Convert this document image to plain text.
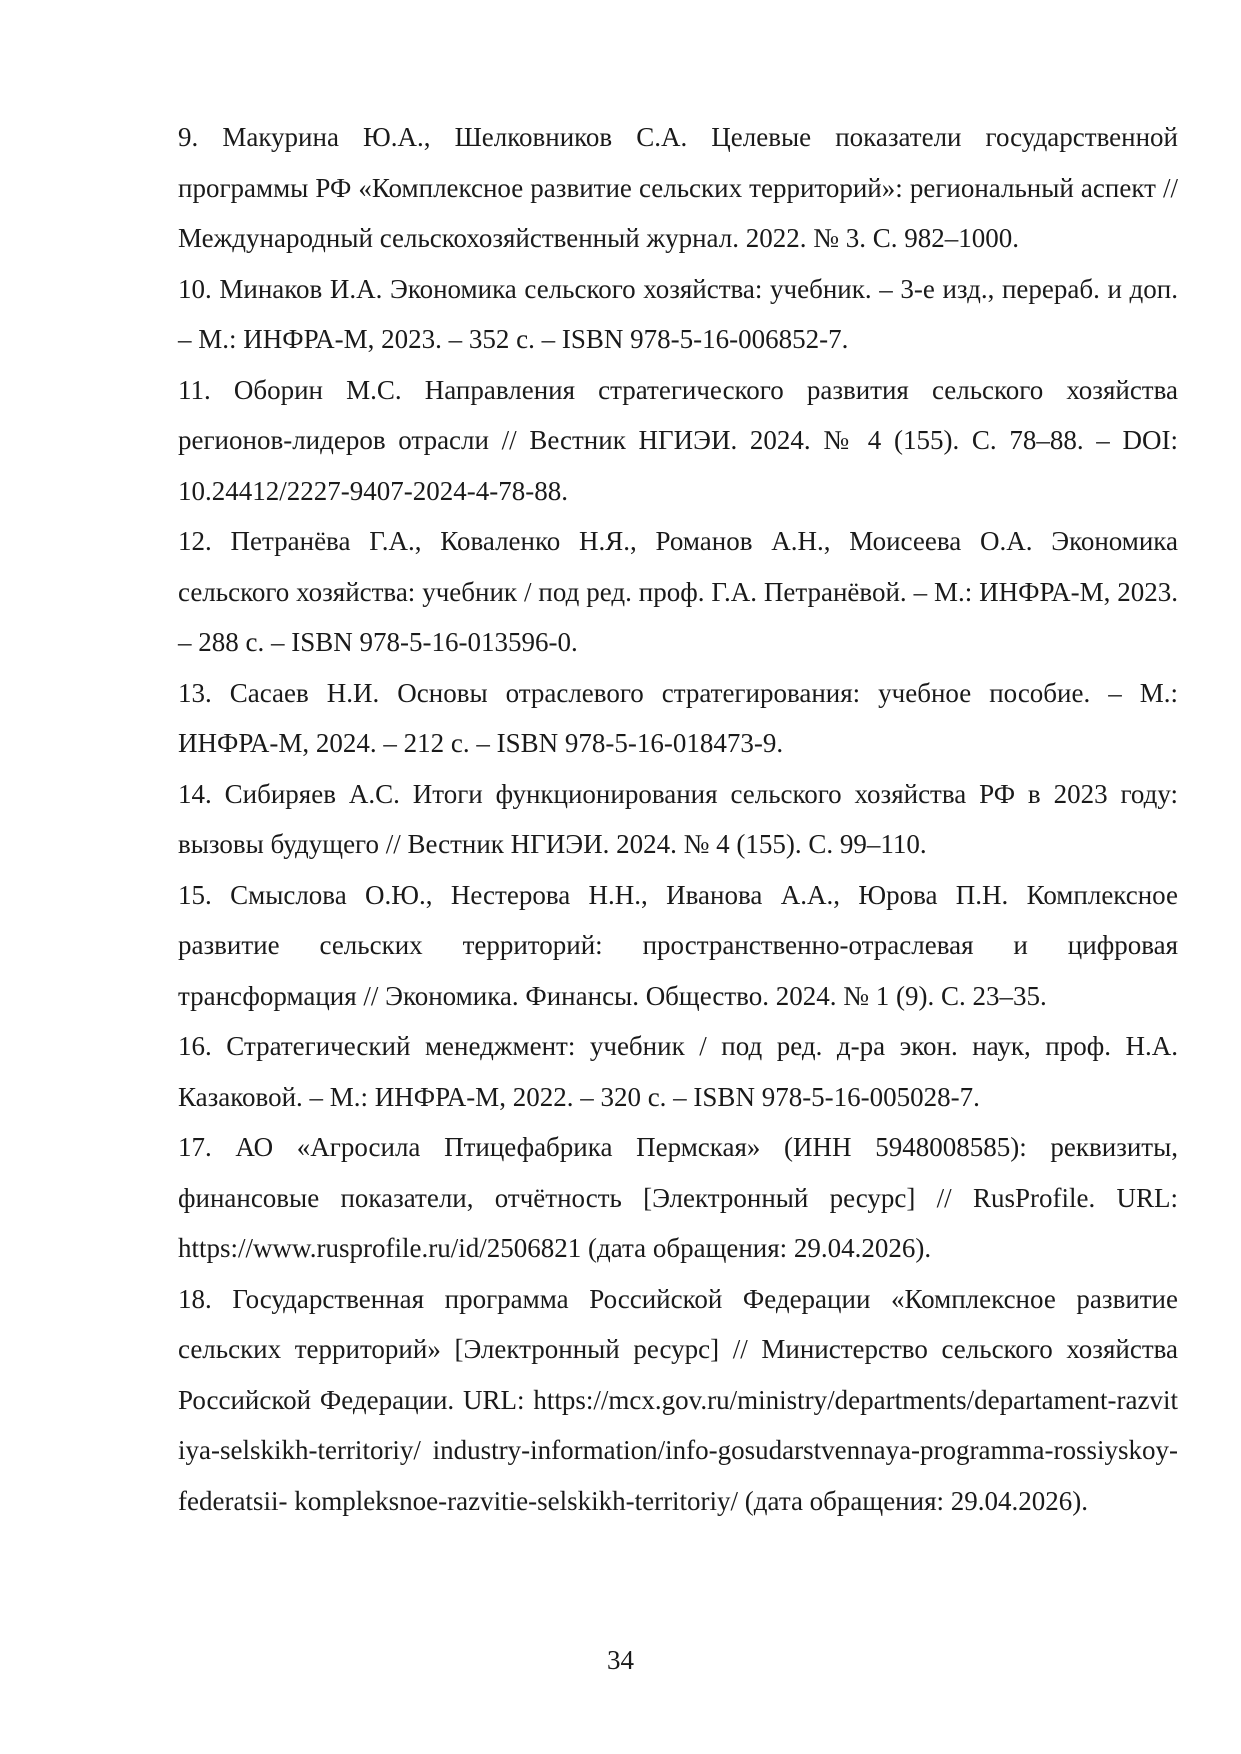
9. Макурина Ю.А., Шелковников С.А. Целевые показатели государственной программы РФ «Комплексное развитие сельских территорий»: региональный аспект // Международный сельскохозяйственный журнал. 2022. № 3. С. 982–1000.

10. Минаков И.А. Экономика сельского хозяйства: учебник. – 3-е изд., перераб. и доп. – М.: ИНФРА-М, 2023. – 352 с. – ISBN 978-5-16-006852-7.

11. Оборин М.С. Направления стратегического развития сельского хозяйства регионов-лидеров отрасли // Вестник НГИЭИ. 2024. № 4 (155). С. 78–88. – DOI: 10.24412/2227-9407-2024-4-78-88.

12. Петранёва Г.А., Коваленко Н.Я., Романов А.Н., Моисеева О.А. Экономика сельского хозяйства: учебник / под ред. проф. Г.А. Петранёвой. – М.: ИНФРА-М, 2023. – 288 с. – ISBN 978-5-16-013596-0.

13. Сасаев Н.И. Основы отраслевого стратегирования: учебное пособие. – М.: ИНФРА-М, 2024. – 212 с. – ISBN 978-5-16-018473-9.

14. Сибиряев А.С. Итоги функционирования сельского хозяйства РФ в 2023 году: вызовы будущего // Вестник НГИЭИ. 2024. № 4 (155). С. 99–110.

15. Смыслова О.Ю., Нестерова Н.Н., Иванова А.А., Юрова П.Н. Комплексное развитие сельских территорий: пространственно-отраслевая и цифровая трансформация // Экономика. Финансы. Общество. 2024. № 1 (9). С. 23–35.

16. Стратегический менеджмент: учебник / под ред. д-ра экон. наук, проф. Н.А. Казаковой. – М.: ИНФРА-М, 2022. – 320 с. – ISBN 978-5-16-005028-7.

17. АО «Агросила Птицефабрика Пермская» (ИНН 5948008585): реквизиты, финансовые показатели, отчётность [Электронный ресурс] // RusProfile. URL: https://www.rusprofile.ru/id/2506821 (дата обращения: 29.04.2026).

18. Государственная программа Российской Федерации «Комплексное развитие сельских территорий» [Электронный ресурс] // Министерство сельского хозяйства Российской Федерации. URL: https://mcx.gov.ru/ministry/departments/departament-razvitiya-selskikh-territoriy/ industry-information/info-gosudarstvennaya-programma-rossiyskoy-federatsii- kompleksnoe-razvitie-selskikh-territoriy/ (дата обращения: 29.04.2026).
34
